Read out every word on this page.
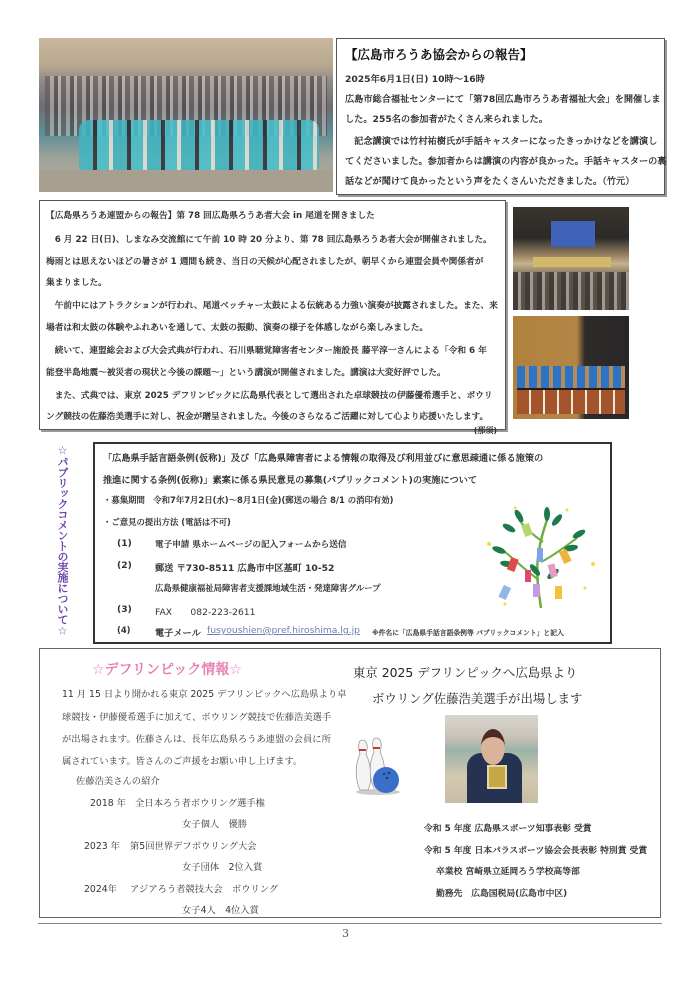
【広島市ろうあ協会からの報告】
2025年6月1日(日) 10時〜16時
広島市総合福祉センターにて「第78回広島市ろうあ者福祉大会」を開催しま
した。255名の参加者がたくさん来られました。
　記念講演では竹村祐樹氏が手話キャスターになったきっかけなどを講演し
てくださいました。参加者からは講演の内容が良かった。手話キャスターの裏
話などが聞けて良かったという声をたくさんいただきました。（竹元）
【広島県ろうあ連盟からの報告】第 78 回広島県ろうあ者大会 in 尾道を開きました
　6 月 22 日(日)、しまなみ交流館にて午前 10 時 20 分より、第 78 回広島県ろうあ者大会が開催されました。
梅雨とは思えないほどの暑さが 1 週間も続き、当日の天候が心配されましたが、朝早くから連盟会員や関係者が
集まりました。
　午前中にはアトラクションが行われ、尾道ベッチャー太鼓による伝統ある力強い演奏が披露されました。また、来
場者は和太鼓の体験やふれあいを通して、太鼓の振動、演奏の様子を体感しながら楽しみました。
　続いて、連盟総会および大会式典が行われ、石川県聴覚障害者センター施設長 藤平淳一さんによる「令和 6 年
能登半島地震〜被災者の現状と今後の課題〜」という講演が開催されました。講演は大変好評でした。
　また、式典では、東京 2025 デフリンピックに広島県代表として選出された卓球競技の伊藤優希選手と、ボウリ
ング競技の佐藤浩美選手に対し、祝金が贈呈されました。今後のさらなるご活躍に対して心より応援いたします。
(那須)
☆パブリックコメントの実施について☆	「広島県手話言語条例(仮称)」及び「広島県障害者による情報の取得及び利用並びに意思疎通に係る施策の
推進に関する条例(仮称)」素案に係る県民意見の募集(パブリックコメント)の実施について
・募集期間　令和7年7月2日(水)〜8月1日(金)(郵送の場合 8/1 の消印有効)
・ご意見の提出方法 (電話は不可)
(1)	電子申請 県ホームページの記入フォームから送信
(2)	郵送 〒730-8511 広島市中区基町 10-52
広島県健康福祉局障害者支援課地域生活・発達障害グループ
(3)	FAX　　082-223-2611
(4)	電子メール fusyoushien@pref.hiroshima.lg.jp ※件名に「広島県手話言語条例等 パブリックコメント」と記入
☆デフリンピック情報☆
11 月 15 日より開かれる東京 2025 デフリンピックへ広島県より卓
球競技・伊藤優希選手に加えて、ボウリング競技で佐藤浩美選手
が出場されます。佐藤さんは、長年広島県ろうあ連盟の会員に所
属されています。皆さんのご声援をお願い申し上げます。
佐藤浩美さんの紹介
2018 年 全日本ろう者ボウリング選手権
女子個人　優勝
2023 年 第5回世界デフボウリング大会
女子団体　2位入賞
2024年 アジアろう者競技大会　ボウリング
女子4人　4位入賞
東京 2025 デフリンピックへ広島県より
ボウリング佐藤浩美選手が出場します
令和 5 年度 広島県スポーツ知事表彰 受賞
令和 5 年度 日本パラスポーツ協会会長表彰 特別賞 受賞
卒業校 宮崎県立延岡ろう学校高等部
勤務先　広島国税局(広島市中区)
3
